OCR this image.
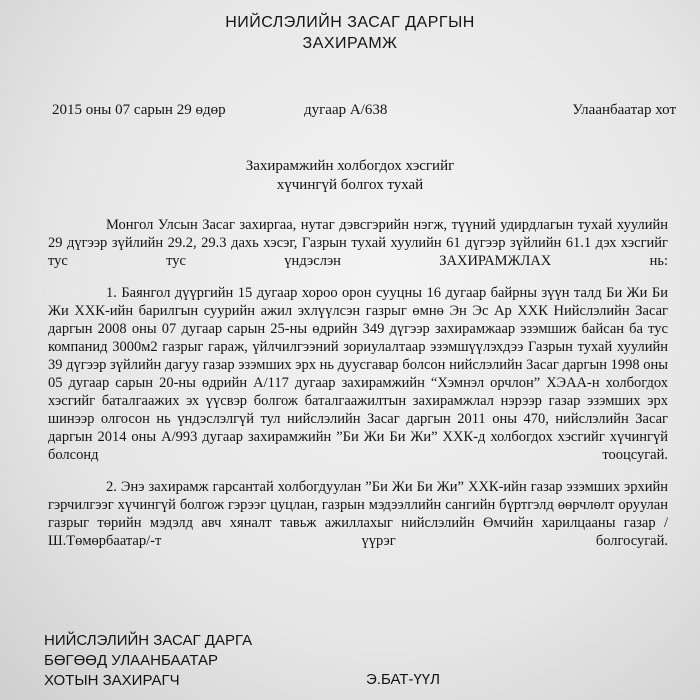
НИЙСЛЭЛИЙН ЗАСАГ ДАРГЫН
ЗАХИРАМЖ
2015 оны 07 сарын 29 өдөр	дугаар А/638	Улаанбаатар хот
Захирамжийн холбогдох хэсгийг
хүчингүй болгох тухай

Монгол Улсын Засаг захиргаа, нутаг дэвсгэрийн нэгж, түүний удирдлагын тухай хуулийн 29 дүгээр зүйлийн 29.2, 29.3 дахь хэсэг, Газрын тухай хуулийн 61 дүгээр зүйлийн 61.1 дэх хэсгийг тус тус үндэслэн ЗАХИРАМЖЛАХ нь:

1. Баянгол дүүргийн 15 дугаар хороо орон сууцны 16 дугаар байрны зүүн талд Би Жи Би Жи ХХК-ийн барилгын суурийн ажил эхлүүлсэн газрыг өмнө Эн Эс Ар ХХК Нийслэлийн Засаг даргын 2008 оны 07 дугаар сарын 25-ны өдрийн 349 дүгээр захирамжаар эзэмшиж байсан ба тус компанид 3000м2 газрыг гараж, үйлчилгээний зориулалтаар эзэмшүүлэхдээ Газрын тухай хуулийн 39 дүгээр зүйлийн дагуу газар эзэмших эрх нь дуусгавар болсон нийслэлийн Засаг даргын 1998 оны 05 дугаар сарын 20-ны өдрийн А/117 дугаар захирамжийн “Хэмнэл орчлон” ХЭАА-н холбогдох хэсгийг баталгаажих эх үүсвэр болгож баталгаажилтын захирамжлал нэрээр газар эзэмших эрх шинээр олгосон нь үндэслэлгүй тул нийслэлийн Засаг даргын 2011 оны 470, нийслэлийн Засаг даргын 2014 оны А/993 дугаар захирамжийн ”Би Жи Би Жи” ХХК-д холбогдох хэсгийг хүчингүй болсонд тооцсугай.

2. Энэ захирамж гарсантай холбогдуулан ”Би Жи Би Жи” ХХК-ийн газар эзэмших эрхийн гэрчилгээг хүчингүй болгож гэрээг цуцлан, газрын мэдээллийн сангийн бүртгэлд өөрчлөлт оруулан газрыг төрийн мэдэлд авч хяналт тавьж ажиллахыг нийслэлийн Өмчийн харилцааны газар /Ш.Төмөрбаатар/-т үүрэг болгосугай.

НИЙСЛЭЛИЙН ЗАСАГ ДАРГА
БӨГӨӨД УЛААНБААТАР
ХОТЫН ЗАХИРАГЧ	Э.БАТ-ҮҮЛ
